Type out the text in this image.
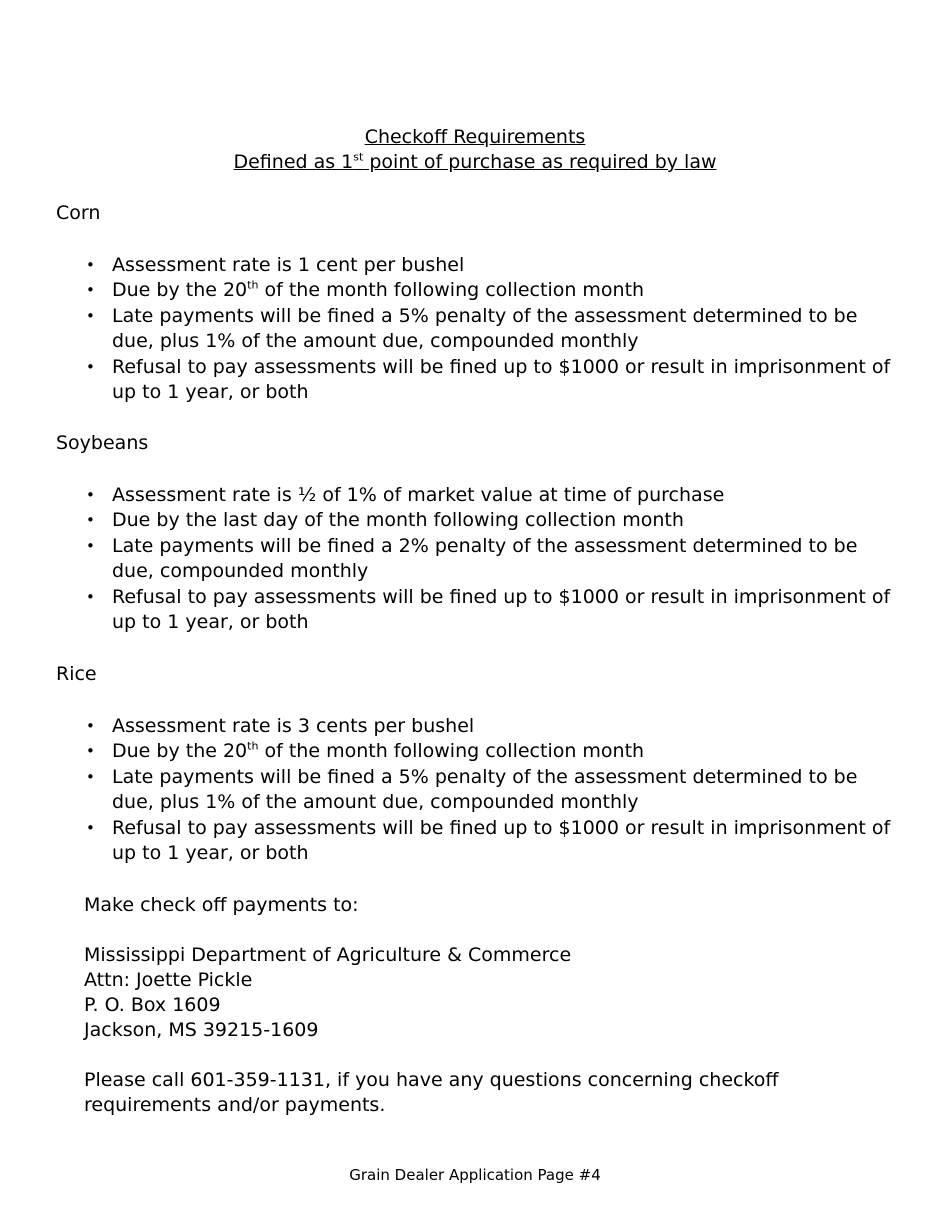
Checkoff Requirements
Defined as 1st point of purchase as required by law
Corn
• Assessment rate is 1 cent per bushel
• Due by the 20th of the month following collection month
• Late payments will be fined a 5% penalty of the assessment determined to be due, plus 1% of the amount due, compounded monthly
• Refusal to pay assessments will be fined up to $1000 or result in imprisonment of up to 1 year, or both
Soybeans
• Assessment rate is ½ of 1% of market value at time of purchase
• Due by the last day of the month following collection month
• Late payments will be fined a 2% penalty of the assessment determined to be due, compounded monthly
• Refusal to pay assessments will be fined up to $1000 or result in imprisonment of up to 1 year, or both
Rice
• Assessment rate is 3 cents per bushel
• Due by the 20th of the month following collection month
• Late payments will be fined a 5% penalty of the assessment determined to be due, plus 1% of the amount due, compounded monthly
• Refusal to pay assessments will be fined up to $1000 or result in imprisonment of up to 1 year, or both

Make check off payments to:

Mississippi Department of Agriculture & Commerce

Attn: Joette Pickle

P. O. Box 1609

Jackson, MS 39215-1609

Please call 601-359-1131, if you have any questions concerning checkoff requirements and/or payments.

Grain Dealer Application Page #4
